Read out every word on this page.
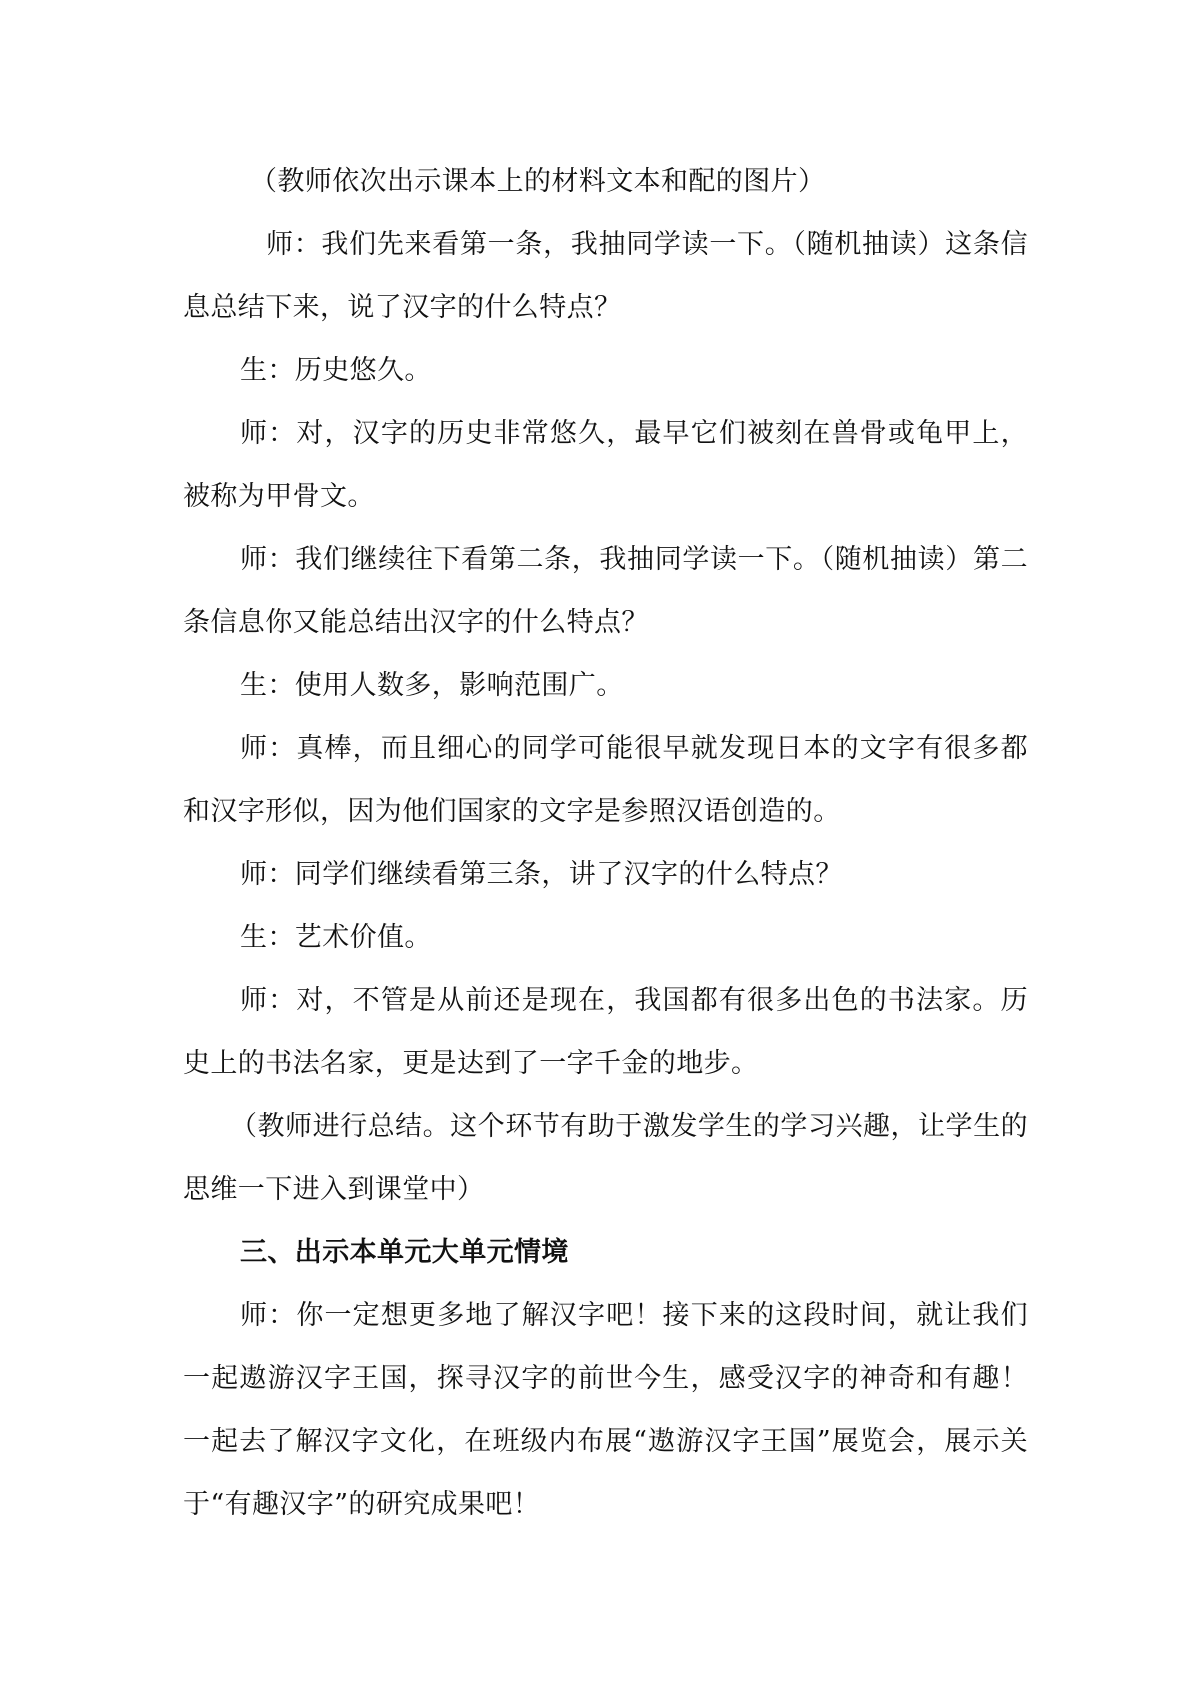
（教师依次出示课本上的材料文本和配的图片）

师：我们先来看第一条，我抽同学读一下。（随机抽读）这条信息总结下来，说了汉字的什么特点？

生：历史悠久。

师：对，汉字的历史非常悠久，最早它们被刻在兽骨或龟甲上，被称为甲骨文。

师：我们继续往下看第二条，我抽同学读一下。（随机抽读）第二条信息你又能总结出汉字的什么特点？

生：使用人数多，影响范围广。

师：真棒，而且细心的同学可能很早就发现日本的文字有很多都和汉字形似，因为他们国家的文字是参照汉语创造的。

师：同学们继续看第三条，讲了汉字的什么特点？

生：艺术价值。

师：对，不管是从前还是现在，我国都有很多出色的书法家。历史上的书法名家，更是达到了一字千金的地步。

（教师进行总结。这个环节有助于激发学生的学习兴趣，让学生的思维一下进入到课堂中）

三、出示本单元大单元情境

师：你一定想更多地了解汉字吧！接下来的这段时间，就让我们一起遨游汉字王国，探寻汉字的前世今生，感受汉字的神奇和有趣！一起去了解汉字文化，在班级内布展“遨游汉字王国”展览会，展示关于“有趣汉字”的研究成果吧！
